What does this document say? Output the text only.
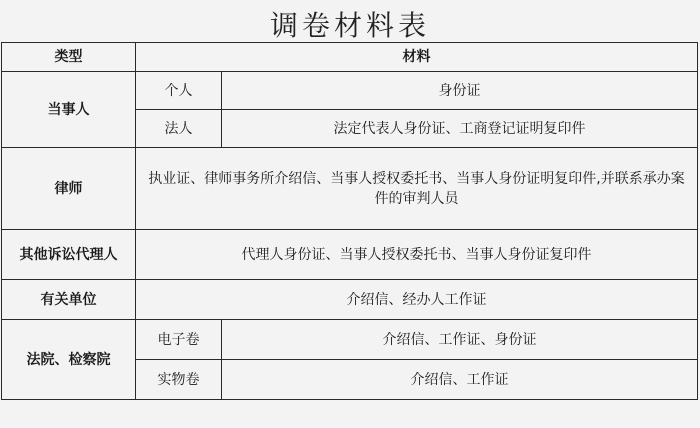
调卷材料表
类型	材料	
当事人	个人	身份证
	法人	法定代表人身份证、工商登记证明复印件
律师	执业证、律师事务所介绍信、当事人授权委托书、当事人身份证明复印件,并联系承办案件的审判人员	
其他诉讼代理人	代理人身份证、当事人授权委托书、当事人身份证复印件	
有关单位	介绍信、经办人工作证	
法院、检察院	电子卷	介绍信、工作证、身份证
	实物卷	介绍信、工作证
